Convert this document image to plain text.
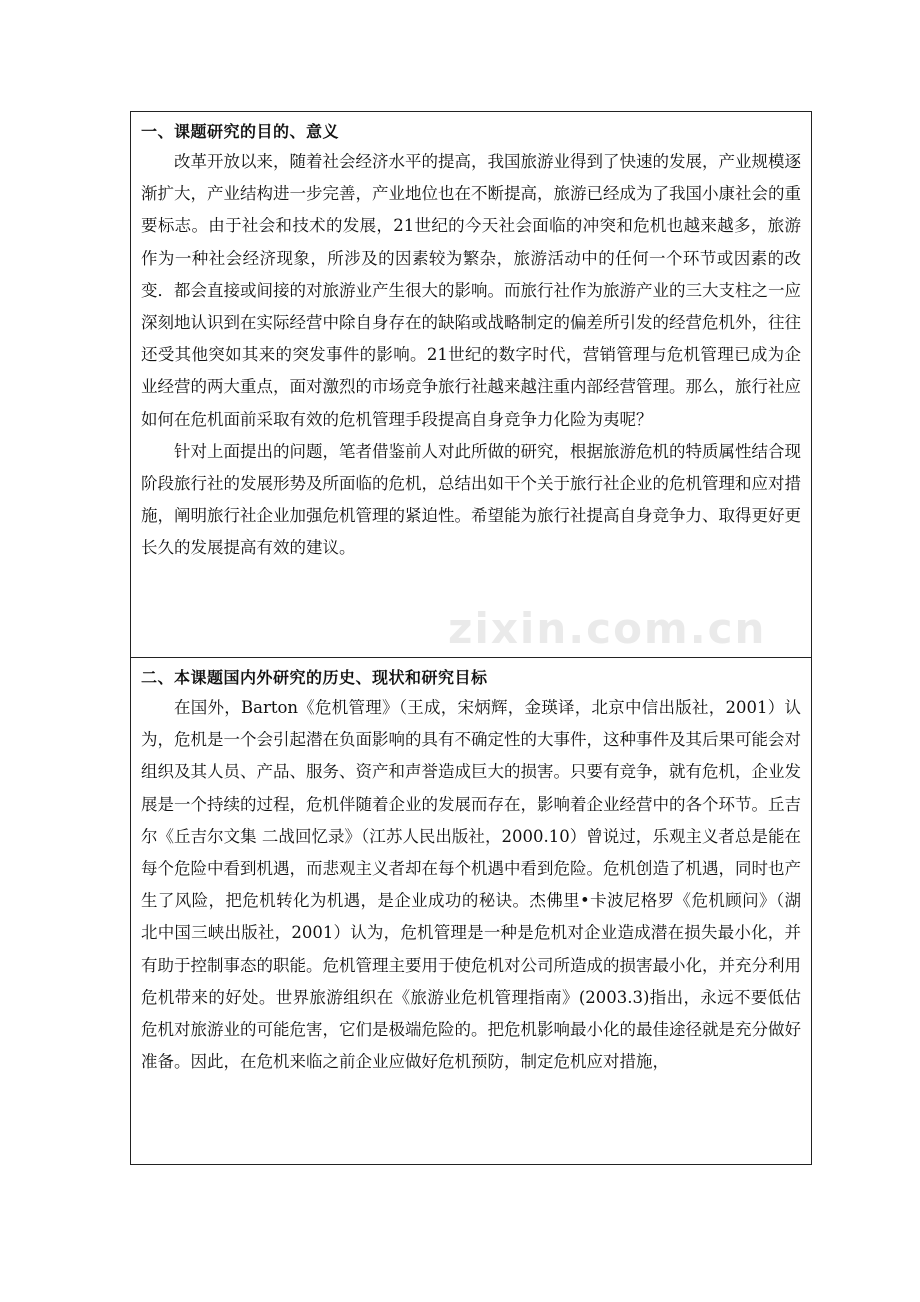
一、课题研究的目的、意义

改革开放以来，随着社会经济水平的提高，我国旅游业得到了快速的发展，产业规模逐渐扩大，产业结构进一步完善，产业地位也在不断提高，旅游已经成为了我国小康社会的重要标志。由于社会和技术的发展，21世纪的今天社会面临的冲突和危机也越来越多，旅游作为一种社会经济现象，所涉及的因素较为繁杂，旅游活动中的任何一个环节或因素的改变．都会直接或间接的对旅游业产生很大的影响。而旅行社作为旅游产业的三大支柱之一应深刻地认识到在实际经营中除自身存在的缺陷或战略制定的偏差所引发的经营危机外，往往还受其他突如其来的突发事件的影响。21世纪的数字时代，营销管理与危机管理已成为企业经营的两大重点，面对激烈的市场竞争旅行社越来越注重内部经营管理。那么，旅行社应如何在危机面前采取有效的危机管理手段提高自身竞争力化险为夷呢？

针对上面提出的问题，笔者借鉴前人对此所做的研究，根据旅游危机的特质属性结合现阶段旅行社的发展形势及所面临的危机，总结出如干个关于旅行社企业的危机管理和应对措施，阐明旅行社企业加强危机管理的紧迫性。希望能为旅行社提高自身竞争力、取得更好更长久的发展提高有效的建议。

二、本课题国内外研究的历史、现状和研究目标

在国外，Barton《危机管理》（王成，宋炳辉，金瑛译，北京中信出版社，2001）认为，危机是一个会引起潜在负面影响的具有不确定性的大事件，这种事件及其后果可能会对组织及其人员、产品、服务、资产和声誉造成巨大的损害。只要有竞争，就有危机，企业发展是一个持续的过程，危机伴随着企业的发展而存在，影响着企业经营中的各个环节。丘吉尔《丘吉尔文集 二战回忆录》（江苏人民出版社，2000.10）曾说过，乐观主义者总是能在每个危险中看到机遇，而悲观主义者却在每个机遇中看到危险。危机创造了机遇，同时也产生了风险，把危机转化为机遇，是企业成功的秘诀。杰佛里•卡波尼格罗《危机顾问》（湖北中国三峡出版社，2001）认为，危机管理是一种是危机对企业造成潜在损失最小化，并有助于控制事态的职能。危机管理主要用于使危机对公司所造成的损害最小化，并充分利用危机带来的好处。世界旅游组织在《旅游业危机管理指南》(2003.3)指出，永远不要低估危机对旅游业的可能危害，它们是极端危险的。把危机影响最小化的最佳途径就是充分做好准备。因此，在危机来临之前企业应做好危机预防，制定危机应对措施，

zixin.com.cn
